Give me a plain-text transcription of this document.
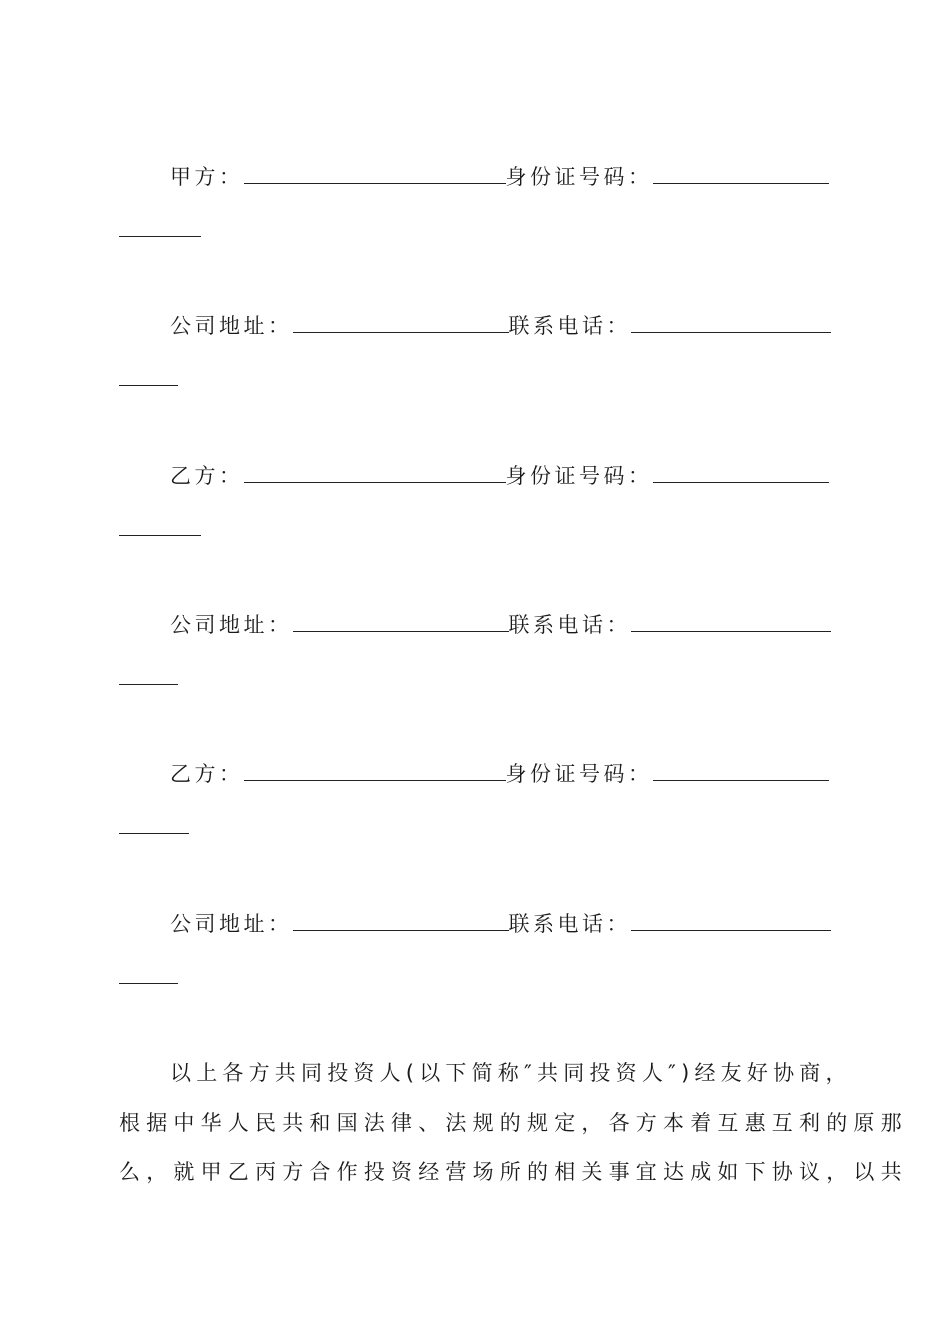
甲方：	身份证号码：
公司地址：	联系电话：
乙方：	身份证号码：
公司地址：	联系电话：
乙方：	身份证号码：
公司地址：	联系电话：
以上各方共同投资人(以下简称″共同投资人″)经友好协商，
根据中华人民共和国法律、法规的规定，各方本着互惠互利的原那
么，就甲乙丙方合作投资经营场所的相关事宜达成如下协议，以共
